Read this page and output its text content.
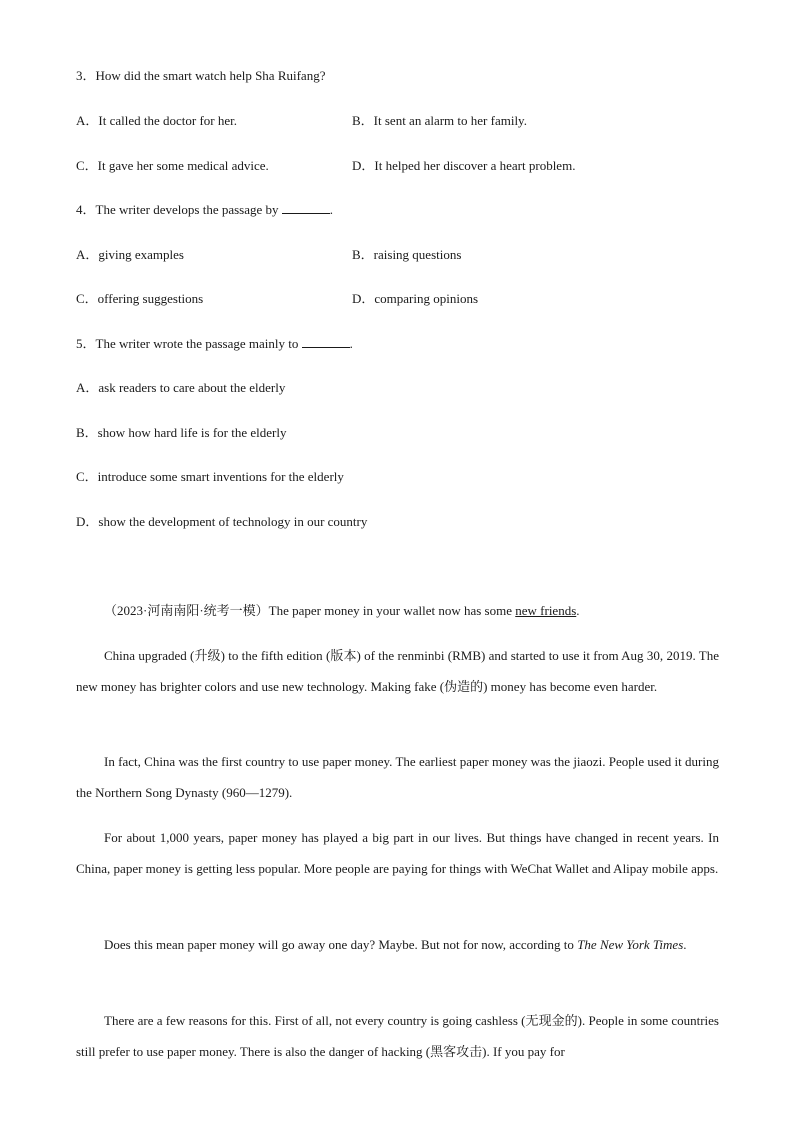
3．How did the smart watch help Sha Ruifang?
A．It called the doctor for her.	B．It sent an alarm to her family.
C．It gave her some medical advice.	D．It helped her discover a heart problem.
4．The writer develops the passage by	.
A．giving examples	B．raising questions
C．offering suggestions	D．comparing opinions
5．The writer wrote the passage mainly to	.
A．ask readers to care about the elderly
B．show how hard life is for the elderly
C．introduce some smart inventions for the elderly
D．show the development of technology in our country
（2023·河南南阳·统考一模）The paper money in your wallet now has some new friends.
China upgraded (升级) to the fifth edition (版本) of the renminbi (RMB) and started to use it from Aug 30, 2019. The new money has brighter colors and use new technology. Making fake (伪造的) money has become even harder.
In fact, China was the first country to use paper money. The earliest paper money was the jiaozi. People used it during the Northern Song Dynasty (960—1279).
For about 1,000 years, paper money has played a big part in our lives. But things have changed in recent years. In China, paper money is getting less popular. More people are paying for things with WeChat Wallet and Alipay mobile apps.
Does this mean paper money will go away one day? Maybe. But not for now, according to The New York Times.
There are a few reasons for this. First of all, not every country is going cashless (无现金的). People in some countries still prefer to use paper money. There is also the danger of hacking (黑客攻击). If you pay for
